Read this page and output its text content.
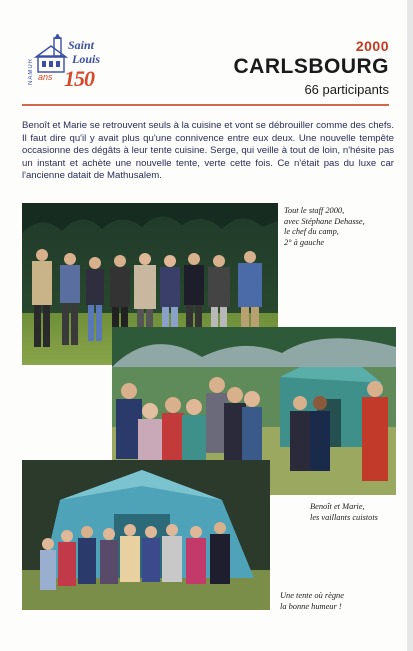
Saint
Louis
NAMUR ans 150
2000
CARLSBOURG
66 participants
Benoît et Marie se retrouvent seuls à la cuisine et vont se débrouiller comme des chefs. Il faut dire qu'il y avait plus qu'une connivence entre eux deux. Une nouvelle tempête occasionne des dégâts à leur tente cuisine. Serge, qui veille à tout de loin, n'hésite pas un instant et achète une nouvelle tente, verte cette fois. Ce n'était pas du luxe car l'ancienne datait de Mathusalem.
Tout le staff 2000,
avec Stéphane Dehasse,
le chef du camp,
2° à gauche
Benoît et Marie,
les vaillants cuistots
Une tente où règne
la bonne humeur !
